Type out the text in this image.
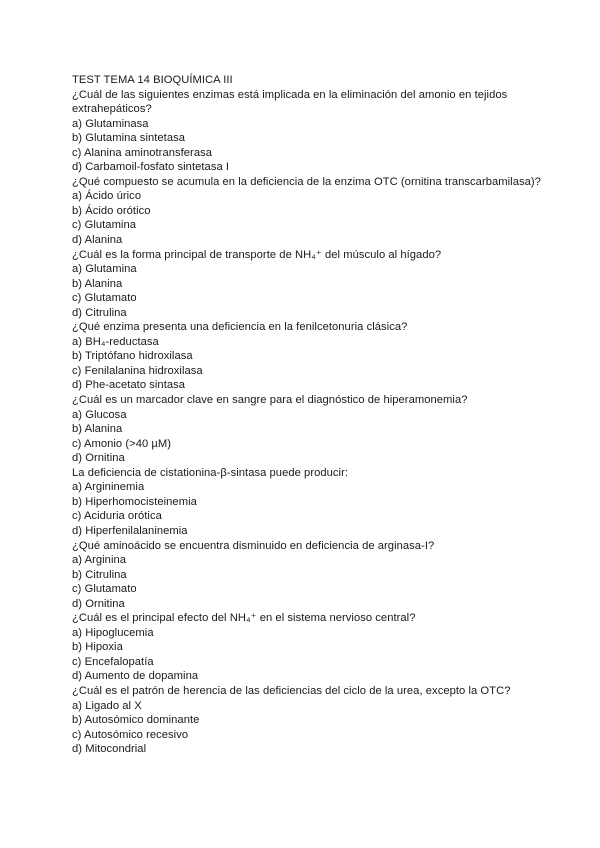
TEST TEMA 14 BIOQUÍMICA III
¿Cuál de las siguientes enzimas está implicada en la eliminación del amonio en tejidos extrahepáticos?
a) Glutaminasa
b) Glutamina sintetasa
c) Alanina aminotransferasa
d) Carbamoil-fosfato sintetasa I
¿Qué compuesto se acumula en la deficiencia de la enzima OTC (ornitina transcarbamilasa)?
a) Ácido úrico
b) Ácido orótico
c) Glutamina
d) Alanina
¿Cuál es la forma principal de transporte de NH₄⁺ del músculo al hígado?
a) Glutamina
b) Alanina
c) Glutamato
d) Citrulina
¿Qué enzima presenta una deficiencia en la fenilcetonuria clásica?
a) BH₄-reductasa
b) Triptófano hidroxilasa
c) Fenilalanina hidroxilasa
d) Phe-acetato sintasa
¿Cuál es un marcador clave en sangre para el diagnóstico de hiperamonemia?
a) Glucosa
b) Alanina
c) Amonio (>40 µM)
d) Ornitina
La deficiencia de cistationina-β-sintasa puede producir:
a) Argininemia
b) Hiperhomocisteinemia
c) Aciduria orótica
d) Hiperfenilalaninemia
¿Qué aminoácido se encuentra disminuido en deficiencia de arginasa-I?
a) Arginina
b) Citrulina
c) Glutamato
d) Ornitina
¿Cuál es el principal efecto del NH₄⁺ en el sistema nervioso central?
a) Hipoglucemia
b) Hipoxia
c) Encefalopatía
d) Aumento de dopamina
¿Cuál es el patrón de herencia de las deficiencias del ciclo de la urea, excepto la OTC?
a) Ligado al X
b) Autosómico dominante
c) Autosómico recesivo
d) Mitocondrial
